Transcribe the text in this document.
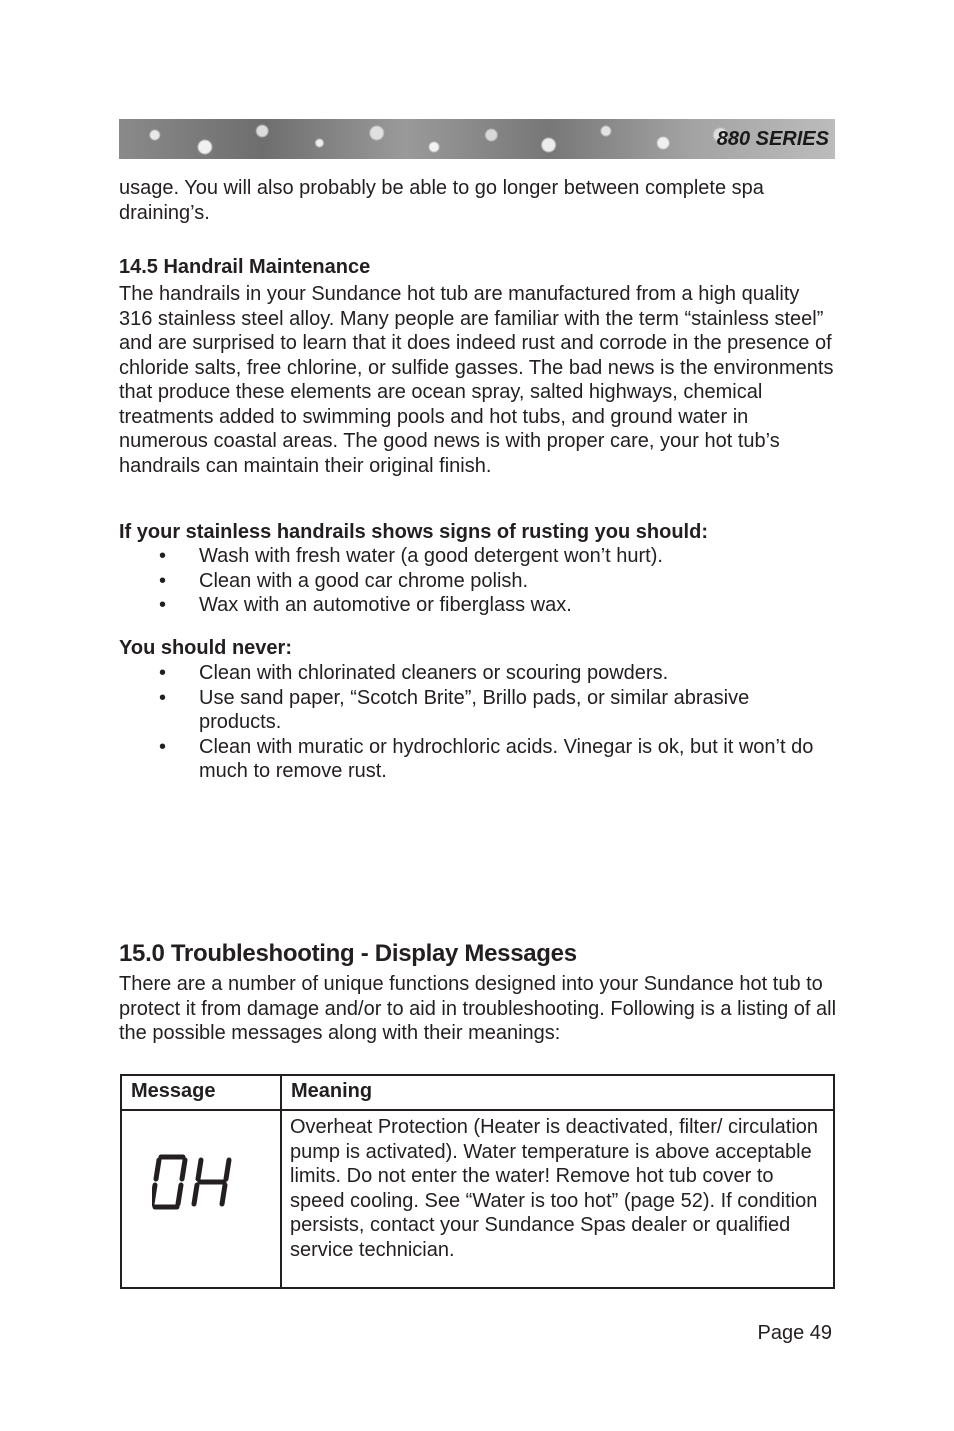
880 SERIES

usage. You will also probably be able to go longer between complete spa draining’s.

14.5 Handrail Maintenance

The handrails in your Sundance hot tub are manufactured from a high quality 316 stainless steel alloy. Many people are familiar with the term “stainless steel” and are surprised to learn that it does indeed rust and corrode in the presence of chloride salts, free chlorine, or sulfide gasses. The bad news is the environments that produce these elements are ocean spray, salted highways, chemical treatments added to swimming pools and hot tubs, and ground water in numerous coastal areas. The good news is with proper care, your hot tub’s handrails can maintain their original finish.

If your stainless handrails shows signs of rusting you should:

• Wash with fresh water (a good detergent won’t hurt).
• Clean with a good car chrome polish.
• Wax with an automotive or fiberglass wax.

You should never:

• Clean with chlorinated cleaners or scouring powders.
• Use sand paper, “Scotch Brite”, Brillo pads, or similar abrasive products.
• Clean with muratic or hydrochloric acids. Vinegar is ok, but it won’t do much to remove rust.
15.0 Troubleshooting - Display Messages

There are a number of unique functions designed into your Sundance hot tub to protect it from damage and/or to aid in troubleshooting. Following is a listing of all the possible messages along with their meanings:

Message	Meaning

OH	Overheat Protection (Heater is deactivated, filter/ circulation pump is activated). Water temperature is above acceptable limits. Do not enter the water! Remove hot tub cover to speed cooling. See “Water is too hot” (page 52). If condition persists, contact your Sundance Spas dealer or qualified service technician.
Page 49
